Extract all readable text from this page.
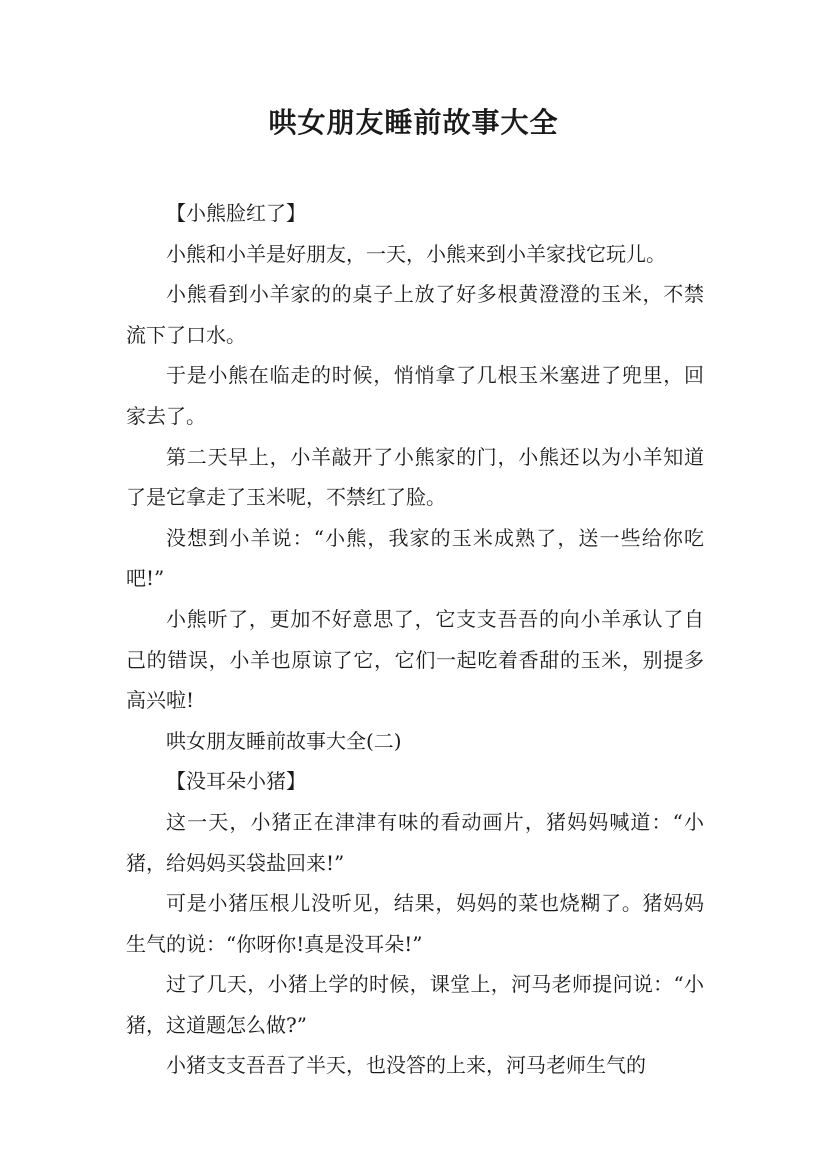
哄女朋友睡前故事大全

【小熊脸红了】

小熊和小羊是好朋友，一天，小熊来到小羊家找它玩儿。

小熊看到小羊家的的桌子上放了好多根黄澄澄的玉米，不禁流下了口水。

于是小熊在临走的时候，悄悄拿了几根玉米塞进了兜里，回家去了。

第二天早上，小羊敲开了小熊家的门，小熊还以为小羊知道了是它拿走了玉米呢，不禁红了脸。

没想到小羊说：“小熊，我家的玉米成熟了，送一些给你吃吧!”

小熊听了，更加不好意思了，它支支吾吾的向小羊承认了自己的错误，小羊也原谅了它，它们一起吃着香甜的玉米，别提多高兴啦!

哄女朋友睡前故事大全(二)

【没耳朵小猪】

这一天，小猪正在津津有味的看动画片，猪妈妈喊道：“小猪，给妈妈买袋盐回来!”

可是小猪压根儿没听见，结果，妈妈的菜也烧糊了。猪妈妈生气的说：“你呀你!真是没耳朵!”

过了几天，小猪上学的时候，课堂上，河马老师提问说：“小猪，这道题怎么做?”

小猪支支吾吾了半天，也没答的上来，河马老师生气的
